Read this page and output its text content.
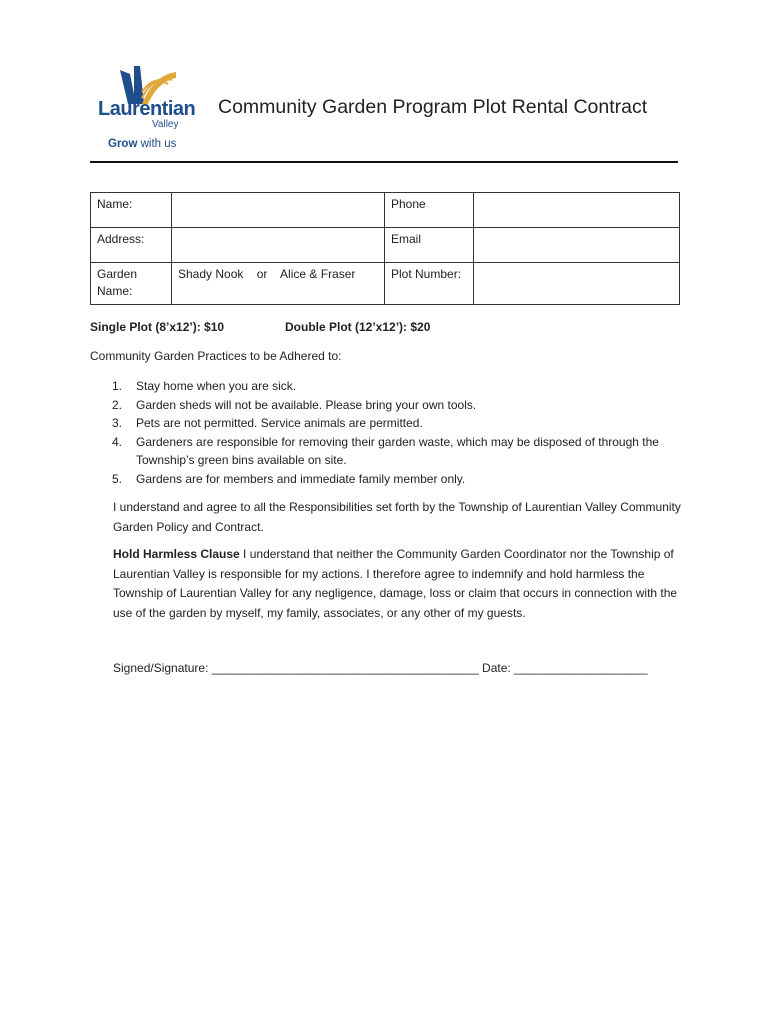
Laurentian
Valley
Grow with us
Community Garden Program Plot Rental Contract
Name:		Phone	
Address:		Email	
Garden Name:	Shady Nook    or    Alice & Fraser	Plot Number:	
Single Plot (8’x12’): $10	Double Plot (12’x12’): $20
Community Garden Practices to be Adhered to:
1. Stay home when you are sick.
2. Garden sheds will not be available. Please bring your own tools.
3. Pets are not permitted. Service animals are permitted.
4. Gardeners are responsible for removing their garden waste, which may be disposed of through the Township’s green bins available on site.
5. Gardens are for members and immediate family member only.

I understand and agree to all the Responsibilities set forth by the Township of Laurentian Valley Community Garden Policy and Contract.

Hold Harmless Clause I understand that neither the Community Garden Coordinator nor the Township of Laurentian Valley is responsible for my actions. I therefore agree to indemnify and hold harmless the Township of Laurentian Valley for any negligence, damage, loss or claim that occurs in connection with the use of the garden by myself, my family, associates, or any other of my guests.

Signed/Signature: ________________________________________ Date: ____________________
